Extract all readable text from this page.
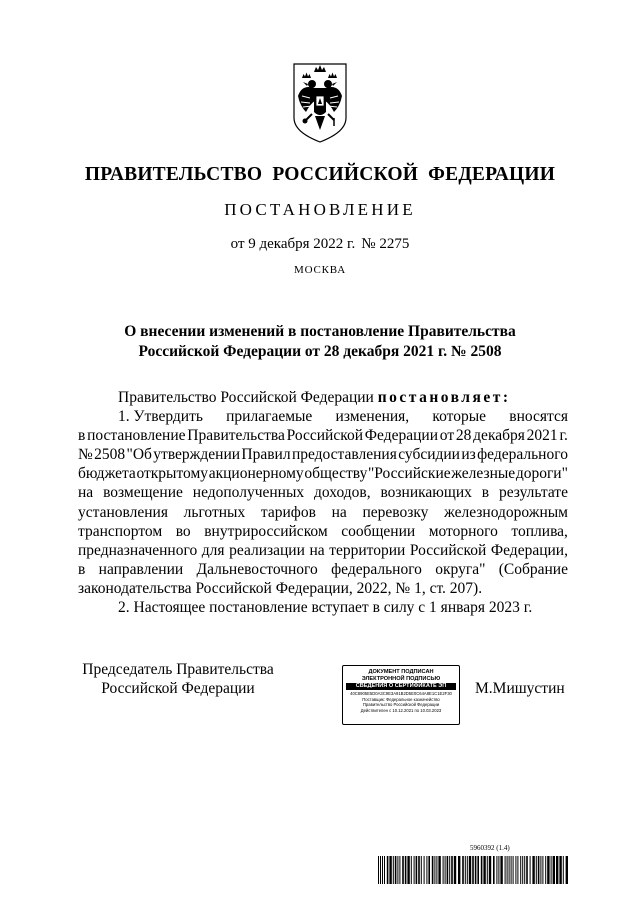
ПРАВИТЕЛЬСТВО РОССИЙСКОЙ ФЕДЕРАЦИИ
ПОСТАНОВЛЕНИЕ
от 9 декабря 2022 г. № 2275
МОСКВА
О внесении изменений в постановление Правительства
Российской Федерации от 28 декабря 2021 г. № 2508
Правительство Российской Федерации постановляет:
1. Утвердить прилагаемые изменения, которые вносятся
в постановление Правительства Российской Федерации от 28 декабря 2021 г.
№ 2508 "Об утверждении Правил предоставления субсидии из федерального
бюджета открытому акционерному обществу "Российские железные дороги"
на возмещение недополученных доходов, возникающих в результате
установления льготных тарифов на перевозку железнодорожным
транспортом во внутрироссийском сообщении моторного топлива,
предназначенного для реализации на территории Российской Федерации,
в направлении Дальневосточного федерального округа" (Собрание
законодательства Российской Федерации, 2022, № 1, ст. 207).
2. Настоящее постановление вступает в силу с 1 января 2023 г.
Председатель Правительства
Российской Федерации
ДОКУМЕНТ ПОДПИСАН
ЭЛЕКТРОННОЙ ПОДПИСЬЮ
СВЕДЕНИЯ О СЕРТИФИКАТЕ ЭП
40C8905E5D0A3C9E3A91B2D5E0C64A8E1C1E2F30
Поставщик: Федеральное казначейство
Правительство Российской Федерации
Действителен с 10.12.2021 по 10.03.2023
М.Мишустин
5960392 (1.4)
